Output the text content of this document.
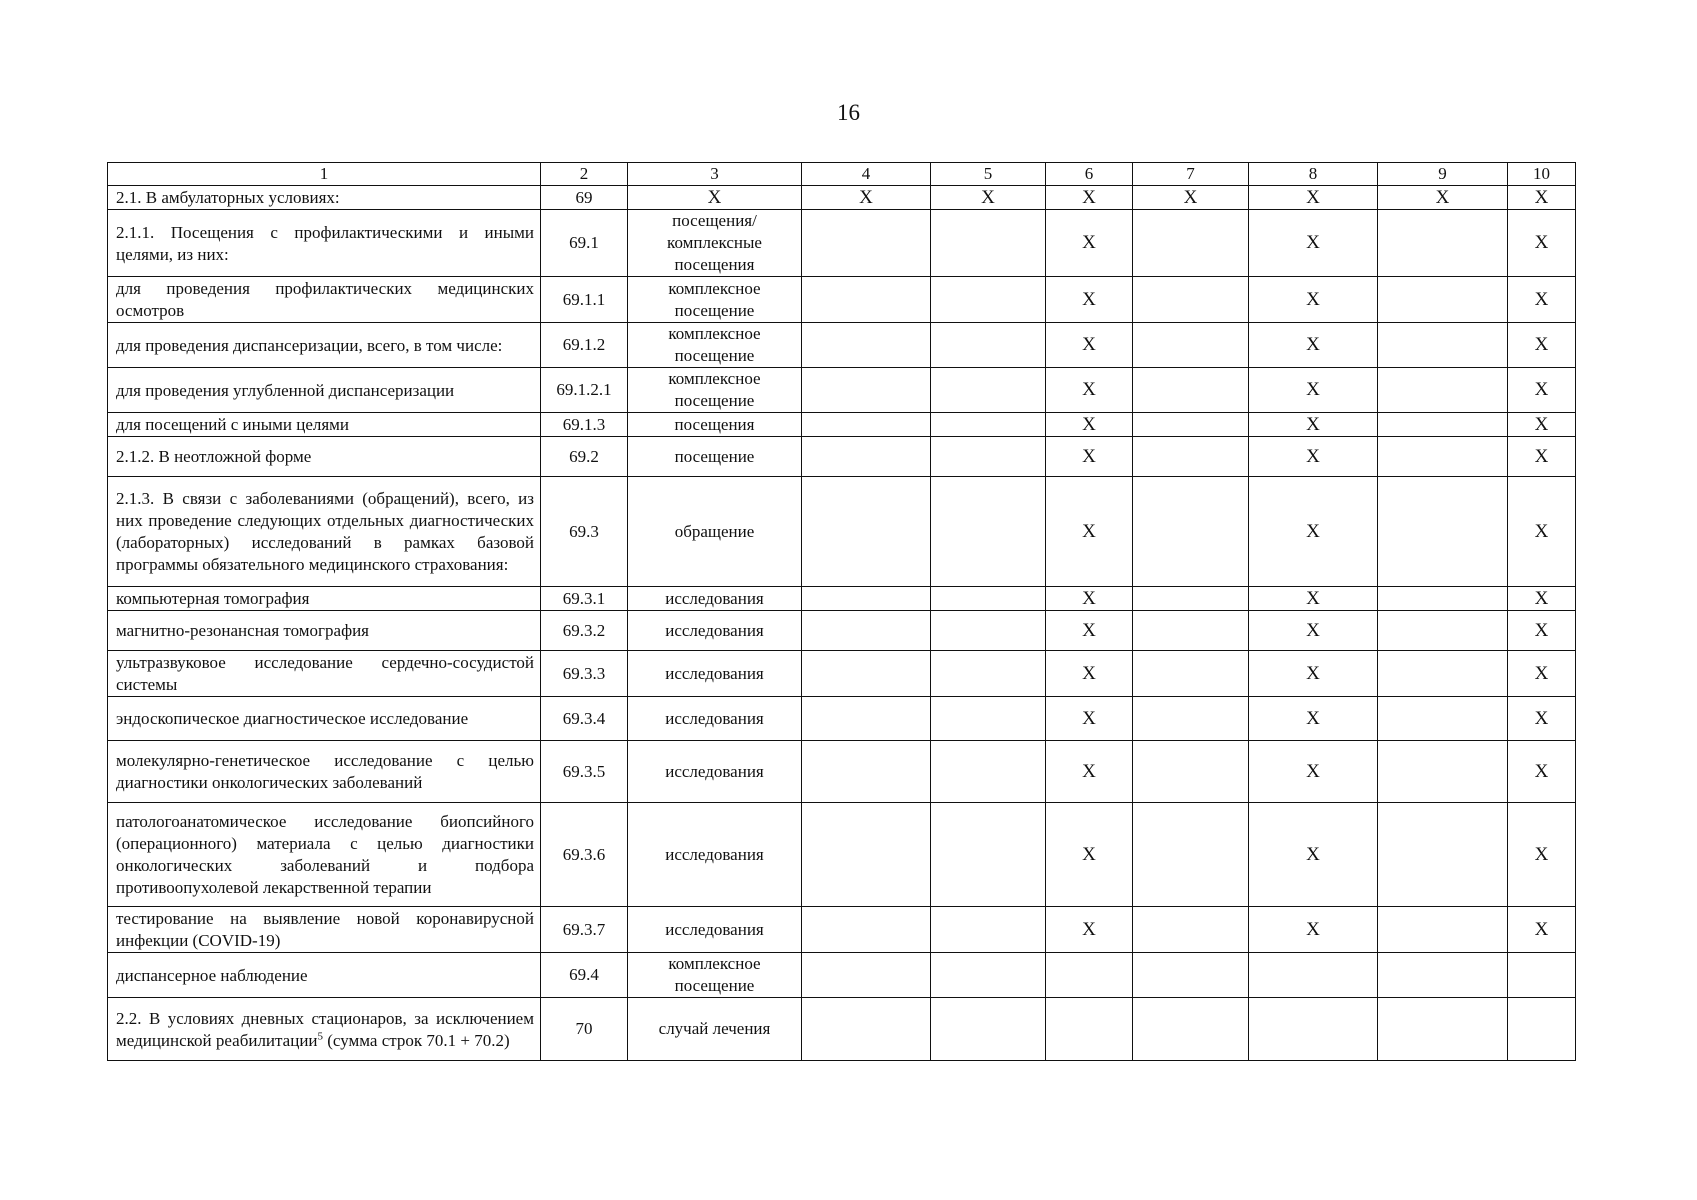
16
1	2	3	4	5	6	7	8	9	10
2.1. В амбулаторных условиях:	69	Х	Х	Х	Х	Х	Х	Х	Х
2.1.1. Посещения с профилактическими и иными целями, из них:	69.1	посещения/ комплексные посещения			Х		Х		Х
для проведения профилактических медицинских осмотров	69.1.1	комплексное посещение			Х		Х		Х
для проведения диспансеризации, всего, в том числе:	69.1.2	комплексное посещение			Х		Х		Х
для проведения углубленной диспансеризации	69.1.2.1	комплексное посещение			Х		Х		Х
для посещений с иными целями	69.1.3	посещения			Х		Х		Х
2.1.2. В неотложной форме	69.2	посещение			Х		Х		Х
2.1.3. В связи с заболеваниями (обращений), всего, из них проведение следующих отдельных диагностических (лабораторных) исследований в рамках базовой программы обязательного медицинского страхования:	69.3	обращение			Х		Х		Х
компьютерная томография	69.3.1	исследования			Х		Х		Х
магнитно-резонансная томография	69.3.2	исследования			Х		Х		Х
ультразвуковое исследование сердечно-сосудистой системы	69.3.3	исследования			Х		Х		Х
эндоскопическое диагностическое исследование	69.3.4	исследования			Х		Х		Х
молекулярно-генетическое исследование с целью диагностики онкологических заболеваний	69.3.5	исследования			Х		Х		Х
патологоанатомическое исследование биопсийного (операционного) материала с целью диагностики онкологических заболеваний и подбора противоопухолевой лекарственной терапии	69.3.6	исследования			Х		Х		Х
тестирование на выявление новой коронавирусной инфекции (COVID-19)	69.3.7	исследования			Х		Х		Х
диспансерное наблюдение	69.4	комплексное посещение							
2.2. В условиях дневных стационаров, за исключением медицинской реабилитации$^5$ (сумма строк 70.1 + 70.2)	70	случай лечения							
